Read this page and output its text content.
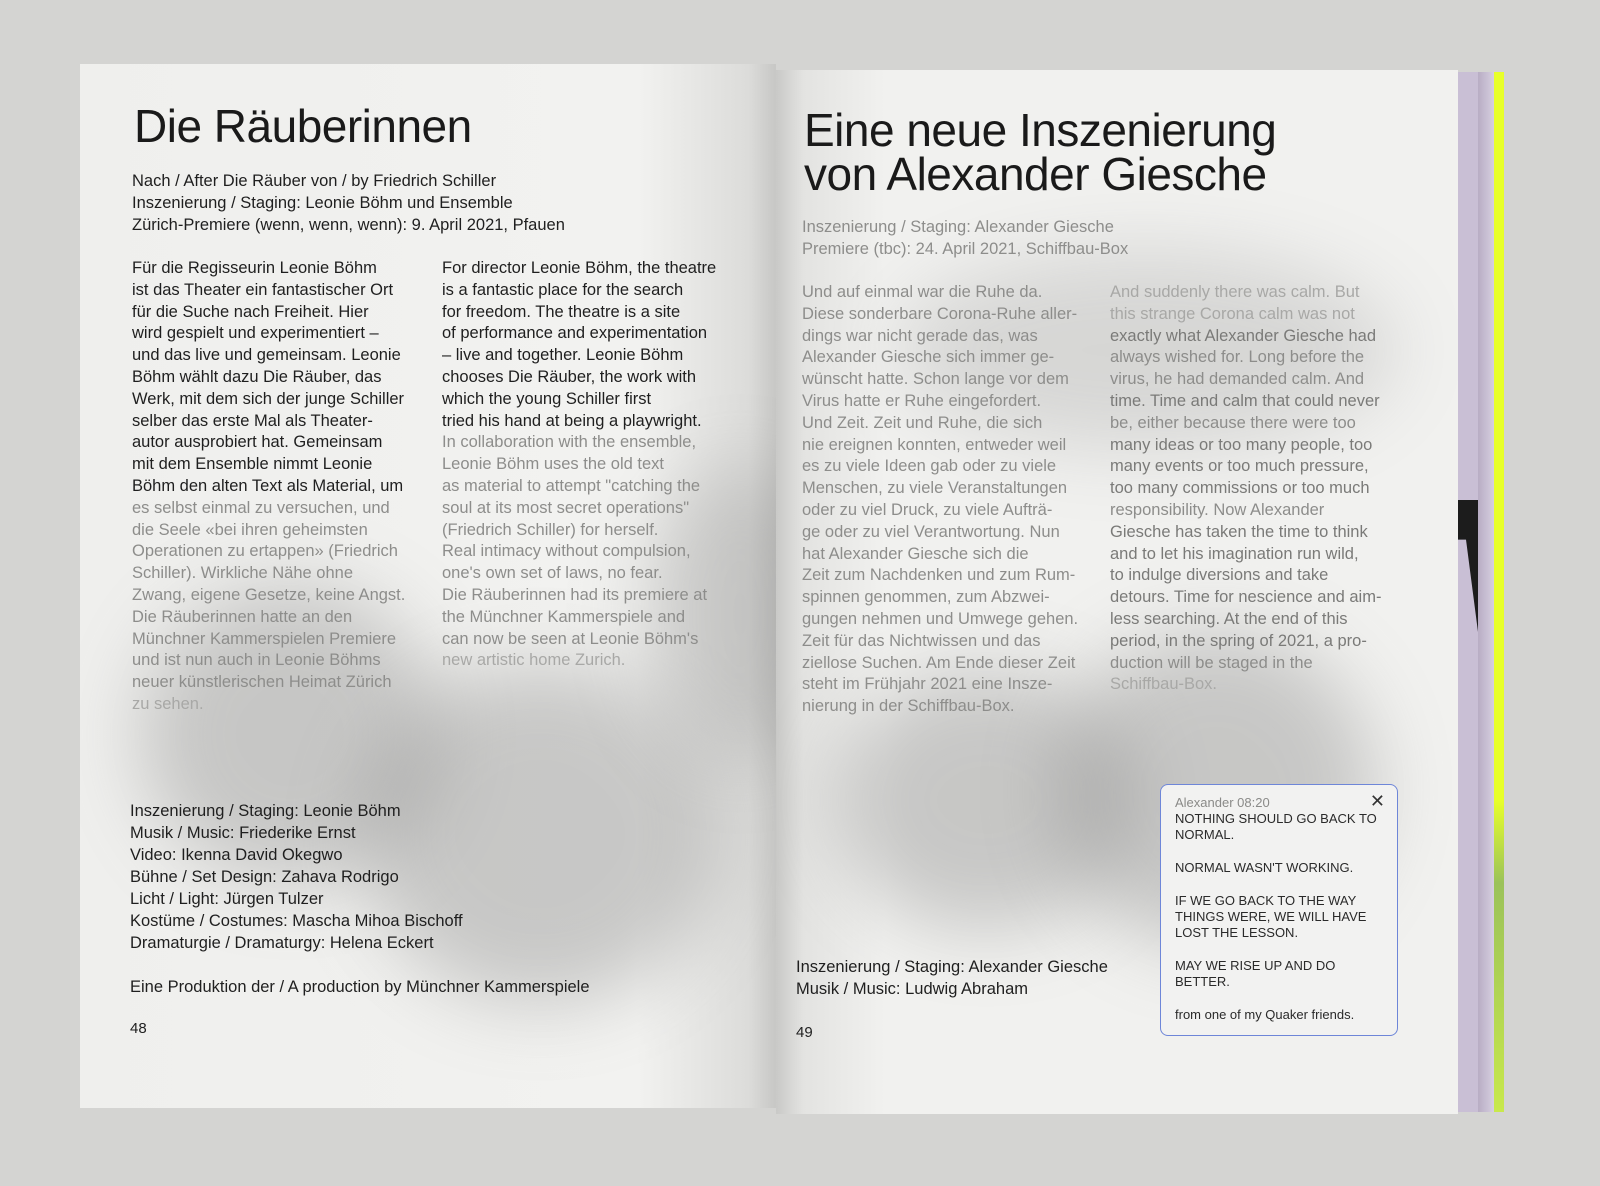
Die Räuberinnen
Nach / After Die Räuber von / by Friedrich Schiller
Inszenierung / Staging: Leonie Böhm und Ensemble
Zürich-Premiere (wenn, wenn, wenn): 9. April 2021, Pfauen
Für die Regisseurin Leonie Böhm
ist das Theater ein fantastischer Ort
für die Suche nach Freiheit. Hier
wird gespielt und experimentiert –
und das live und gemeinsam. Leonie
Böhm wählt dazu Die Räuber, das
Werk, mit dem sich der junge Schiller
selber das erste Mal als Theater-
autor ausprobiert hat. Gemeinsam
mit dem Ensemble nimmt Leonie
Böhm den alten Text als Material, um
es selbst einmal zu versuchen, und
die Seele «bei ihren geheimsten
Operationen zu ertappen» (Friedrich
Schiller). Wirkliche Nähe ohne
Zwang, eigene Gesetze, keine Angst.
Die Räuberinnen hatte an den
Münchner Kammerspielen Premiere
und ist nun auch in Leonie Böhms
neuer künstlerischen Heimat Zürich
zu sehen.
For director Leonie Böhm, the theatre
is a fantastic place for the search
for freedom. The theatre is a site
of performance and experimentation
– live and together. Leonie Böhm
chooses Die Räuber, the work with
which the young Schiller first
tried his hand at being a playwright.
In collaboration with the ensemble,
Leonie Böhm uses the old text
as material to attempt "catching the
soul at its most secret operations"
(Friedrich Schiller) for herself.
Real intimacy without compulsion,
one's own set of laws, no fear.
Die Räuberinnen had its premiere at
the Münchner Kammerspiele and
can now be seen at Leonie Böhm's
new artistic home Zurich.
Inszenierung / Staging: Leonie Böhm
Musik / Music: Friederike Ernst
Video: Ikenna David Okegwo
Bühne / Set Design: Zahava Rodrigo
Licht / Light: Jürgen Tulzer
Kostüme / Costumes: Mascha Mihoa Bischoff
Dramaturgie / Dramaturgy: Helena Eckert
Eine Produktion der / A production by Münchner Kammerspiele
48
Eine neue Inszenierung
von Alexander Giesche
Inszenierung / Staging: Alexander Giesche
Premiere (tbc): 24. April 2021, Schiffbau-Box
Und auf einmal war die Ruhe da.
Diese sonderbare Corona-Ruhe aller-
dings war nicht gerade das, was
Alexander Giesche sich immer ge-
wünscht hatte. Schon lange vor dem
Virus hatte er Ruhe eingefordert.
Und Zeit. Zeit und Ruhe, die sich
nie ereignen konnten, entweder weil
es zu viele Ideen gab oder zu viele
Menschen, zu viele Veranstaltungen
oder zu viel Druck, zu viele Aufträ-
ge oder zu viel Verantwortung. Nun
hat Alexander Giesche sich die
Zeit zum Nachdenken und zum Rum-
spinnen genommen, zum Abzwei-
gungen nehmen und Umwege gehen.
Zeit für das Nichtwissen und das
ziellose Suchen. Am Ende dieser Zeit
steht im Frühjahr 2021 eine Insze-
nierung in der Schiffbau-Box.
And suddenly there was calm. But
this strange Corona calm was not
exactly what Alexander Giesche had
always wished for. Long before the
virus, he had demanded calm. And
time. Time and calm that could never
be, either because there were too
many ideas or too many people, too
many events or too much pressure,
too many commissions or too much
responsibility. Now Alexander
Giesche has taken the time to think
and to let his imagination run wild,
to indulge diversions and take
detours. Time for nescience and aim-
less searching. At the end of this
period, in the spring of 2021, a pro-
duction will be staged in the
Schiffbau-Box.
Inszenierung / Staging: Alexander Giesche
Musik / Music: Ludwig Abraham
49
Alexander 08:20	✕

NOTHING SHOULD GO BACK TO NORMAL.

NORMAL WASN'T WORKING.

IF WE GO BACK TO THE WAY THINGS WERE, WE WILL HAVE LOST THE LESSON.

MAY WE RISE UP AND DO BETTER.

from one of my Quaker friends.
